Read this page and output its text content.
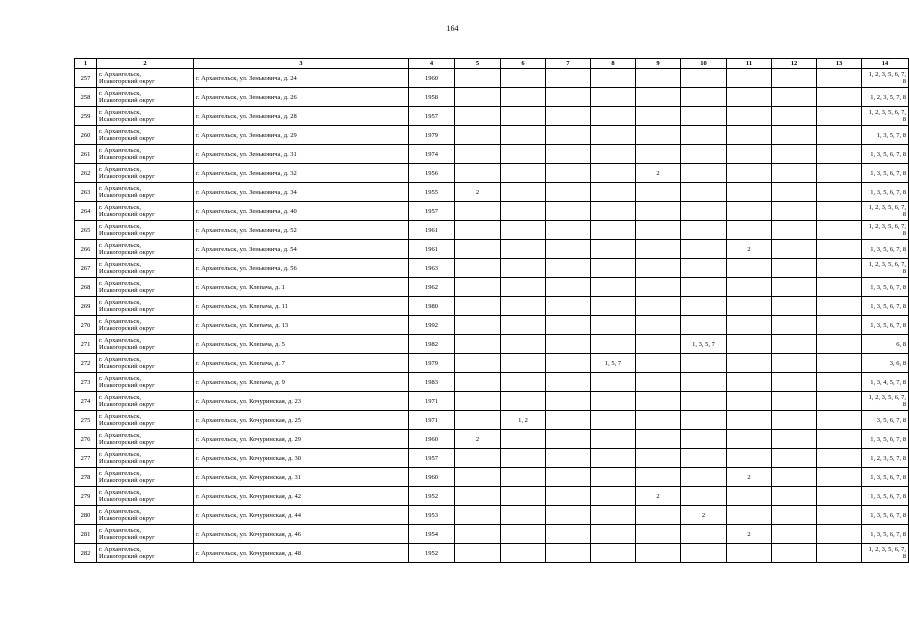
164
1	2	3	4	5	6	7	8	9	10	11	12	13	14
257	г. Архангельск,
Исакогорский округ	г. Архангельск, ул. Зеньковича, д. 24	1960										1, 2, 3, 5, 6, 7, 8
258	г. Архангельск,
Исакогорский округ	г. Архангельск, ул. Зеньковича, д. 26	1958										1, 2, 3, 5, 7, 8
259	г. Архангельск,
Исакогорский округ	г. Архангельск, ул. Зеньковича, д. 28	1957										1, 2, 3, 5, 6, 7, 8
260	г. Архангельск,
Исакогорский округ	г. Архангельск, ул. Зеньковича, д. 29	1979										1, 3, 5, 7, 8
261	г. Архангельск,
Исакогорский округ	г. Архангельск, ул. Зеньковича, д. 31	1974										1, 3, 5, 6, 7, 8
262	г. Архангельск,
Исакогорский округ	г. Архангельск, ул. Зеньковича, д. 32	1956					2					1, 3, 5, 6, 7, 8
263	г. Архангельск,
Исакогорский округ	г. Архангельск, ул. Зеньковича, д. 34	1955	2									1, 3, 5, 6, 7, 8
264	г. Архангельск,
Исакогорский округ	г. Архангельск, ул. Зеньковича, д. 40	1957										1, 2, 3, 5, 6, 7, 8
265	г. Архангельск,
Исакогорский округ	г. Архангельск, ул. Зеньковича, д. 52	1961										1, 2, 3, 5, 6, 7, 8
266	г. Архангельск,
Исакогорский округ	г. Архангельск, ул. Зеньковича, д. 54	1961							2			1, 3, 5, 6, 7, 8
267	г. Архангельск,
Исакогорский округ	г. Архангельск, ул. Зеньковича, д. 56	1963										1, 2, 3, 5, 6, 7, 8
268	г. Архангельск,
Исакогорский округ	г. Архангельск, ул. Клепача, д. 1	1962										1, 3, 5, 6, 7, 8
269	г. Архангельск,
Исакогорский округ	г. Архангельск, ул. Клепача, д. 11	1980										1, 3, 5, 6, 7, 8
270	г. Архангельск,
Исакогорский округ	г. Архангельск, ул. Клепача, д. 13	1992										1, 3, 5, 6, 7, 8
271	г. Архангельск,
Исакогорский округ	г. Архангельск, ул. Клепача, д. 5	1982						1, 3, 5, 7				6, 8
272	г. Архангельск,
Исакогорский округ	г. Архангельск, ул. Клепача, д. 7	1979				1, 5, 7						3, 6, 8
273	г. Архангельск,
Исакогорский округ	г. Архангельск, ул. Клепача, д. 9	1983										1, 3, 4, 5, 7, 8
274	г. Архангельск,
Исакогорский округ	г. Архангельск, ул. Кочуринская, д. 23	1971										1, 2, 3, 5, 6, 7, 8
275	г. Архангельск,
Исакогорский округ	г. Архангельск, ул. Кочуринская, д. 25	1971		1, 2								3, 5, 6, 7, 8
276	г. Архангельск,
Исакогорский округ	г. Архангельск, ул. Кочуринская, д. 29	1960	2									1, 3, 5, 6, 7, 8
277	г. Архангельск,
Исакогорский округ	г. Архангельск, ул. Кочуринская, д. 30	1957										1, 2, 3, 5, 7, 8
278	г. Архангельск,
Исакогорский округ	г. Архангельск, ул. Кочуринская, д. 31	1960							2			1, 3, 5, 6, 7, 8
279	г. Архангельск,
Исакогорский округ	г. Архангельск, ул. Кочуринская, д. 42	1952					2					1, 3, 5, 6, 7, 8
280	г. Архангельск,
Исакогорский округ	г. Архангельск, ул. Кочуринская, д. 44	1953						2				1, 3, 5, 6, 7, 8
281	г. Архангельск,
Исакогорский округ	г. Архангельск, ул. Кочуринская, д. 46	1954							2			1, 3, 5, 6, 7, 8
282	г. Архангельск,
Исакогорский округ	г. Архангельск, ул. Кочуринская, д. 48	1952										1, 2, 3, 5, 6, 7, 8
